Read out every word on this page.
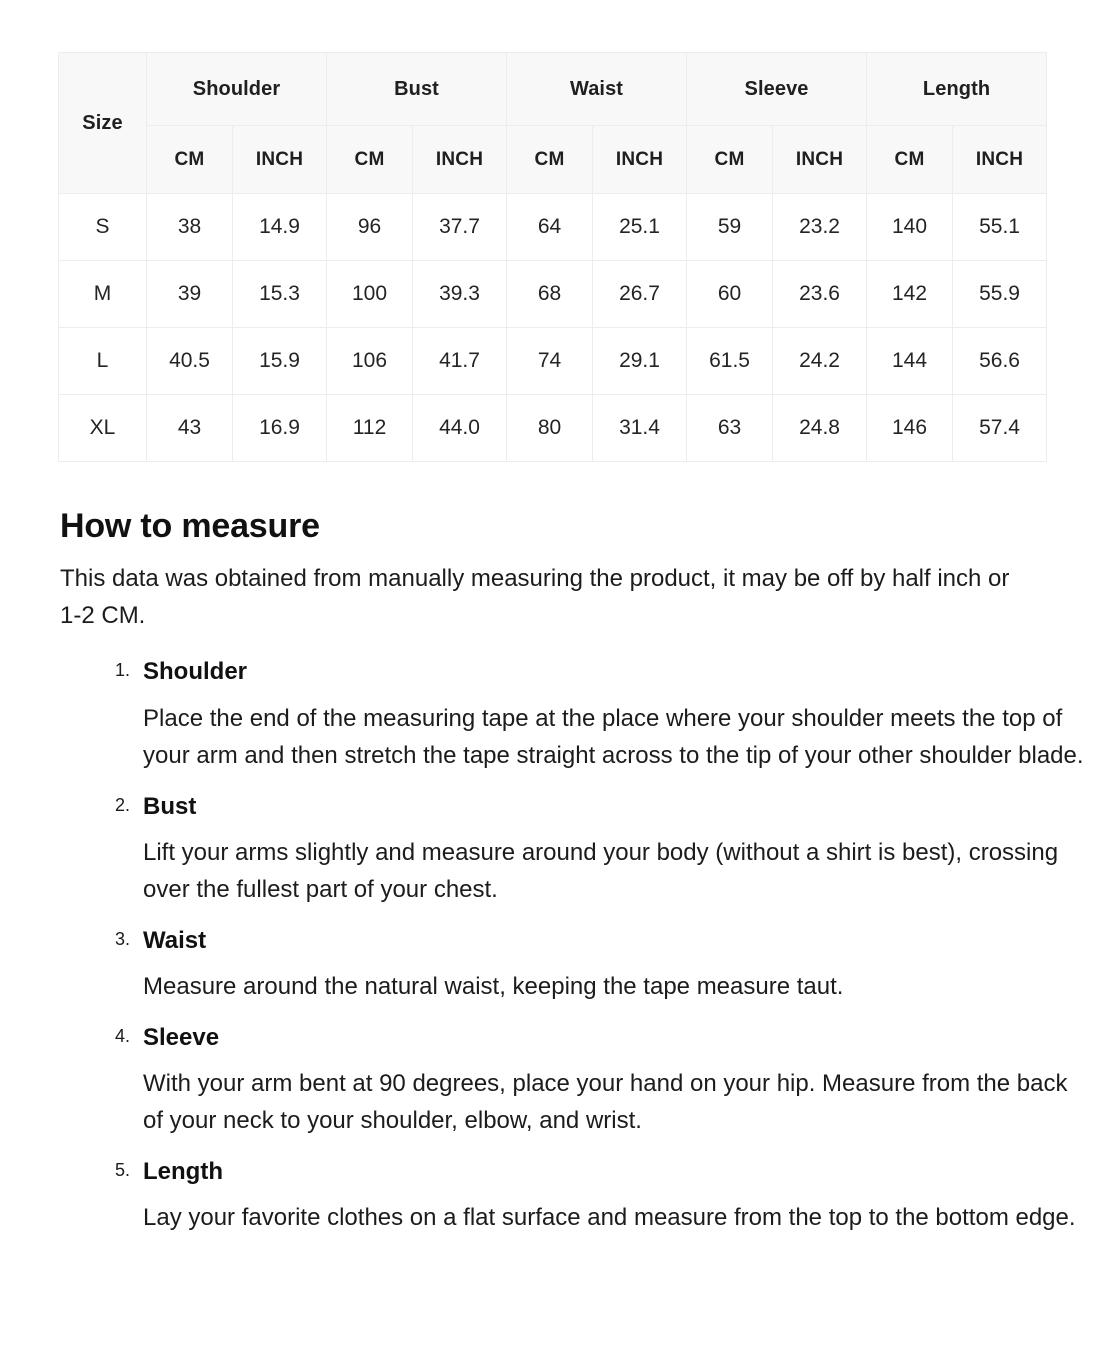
Size	Shoulder		Bust		Waist		Sleeve		Length	
	CM	INCH	CM	INCH	CM	INCH	CM	INCH	CM	INCH
S	38	14.9	96	37.7	64	25.1	59	23.2	140	55.1
M	39	15.3	100	39.3	68	26.7	60	23.6	142	55.9
L	40.5	15.9	106	41.7	74	29.1	61.5	24.2	144	56.6
XL	43	16.9	112	44.0	80	31.4	63	24.8	146	57.4
How to measure

This data was obtained from manually measuring the product, it may be off by half inch or 1-2 CM.

Shoulder
Place the end of the measuring tape at the place where your shoulder meets the top of your arm and then stretch the tape straight across to the tip of your other shoulder blade.
Bust
Lift your arms slightly and measure around your body (without a shirt is best), crossing over the fullest part of your chest.
Waist
Measure around the natural waist, keeping the tape measure taut.
Sleeve
With your arm bent at 90 degrees, place your hand on your hip. Measure from the back of your neck to your shoulder, elbow, and wrist.
Length
Lay your favorite clothes on a flat surface and measure from the top to the bottom edge.
